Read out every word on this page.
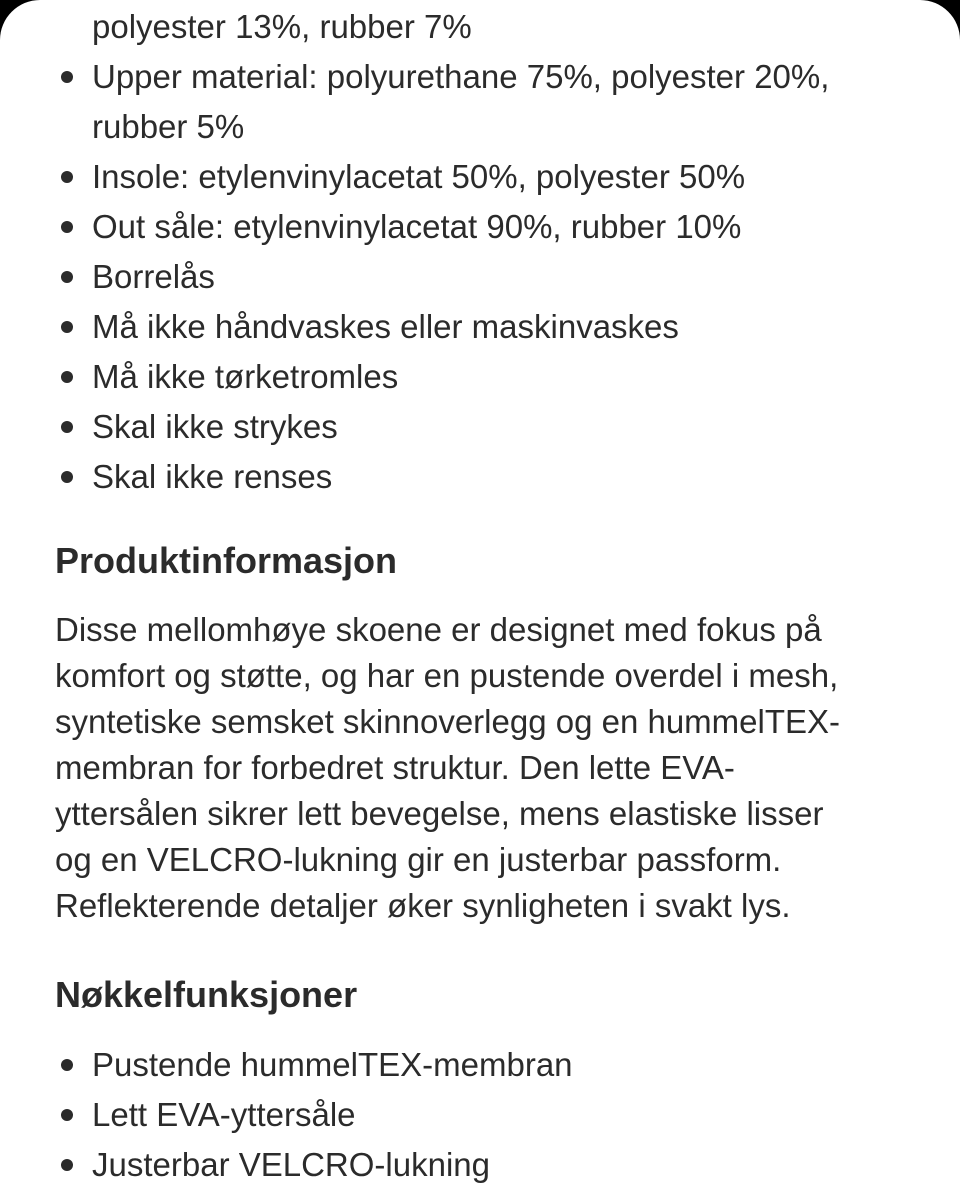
polyester 13%, rubber 7%
Upper material: polyurethane 75%, polyester 20%,
rubber 5%
Insole: etylenvinylacetat 50%, polyester 50%
Out såle: etylenvinylacetat 90%, rubber 10%
Borrelås
Må ikke håndvaskes eller maskinvaskes
Må ikke tørketromles
Skal ikke strykes
Skal ikke renses
Produktinformasjon

Disse mellomhøye skoene er designet med fokus på
komfort og støtte, og har en pustende overdel i mesh,
syntetiske semsket skinnoverlegg og en hummelTEX-
membran for forbedret struktur. Den lette EVA-
yttersålen sikrer lett bevegelse, mens elastiske lisser
og en VELCRO-lukning gir en justerbar passform.
Reflekterende detaljer øker synligheten i svakt lys.

Nøkkelfunksjoner
Pustende hummelTEX-membran
Lett EVA-yttersåle
Justerbar VELCRO-lukning
